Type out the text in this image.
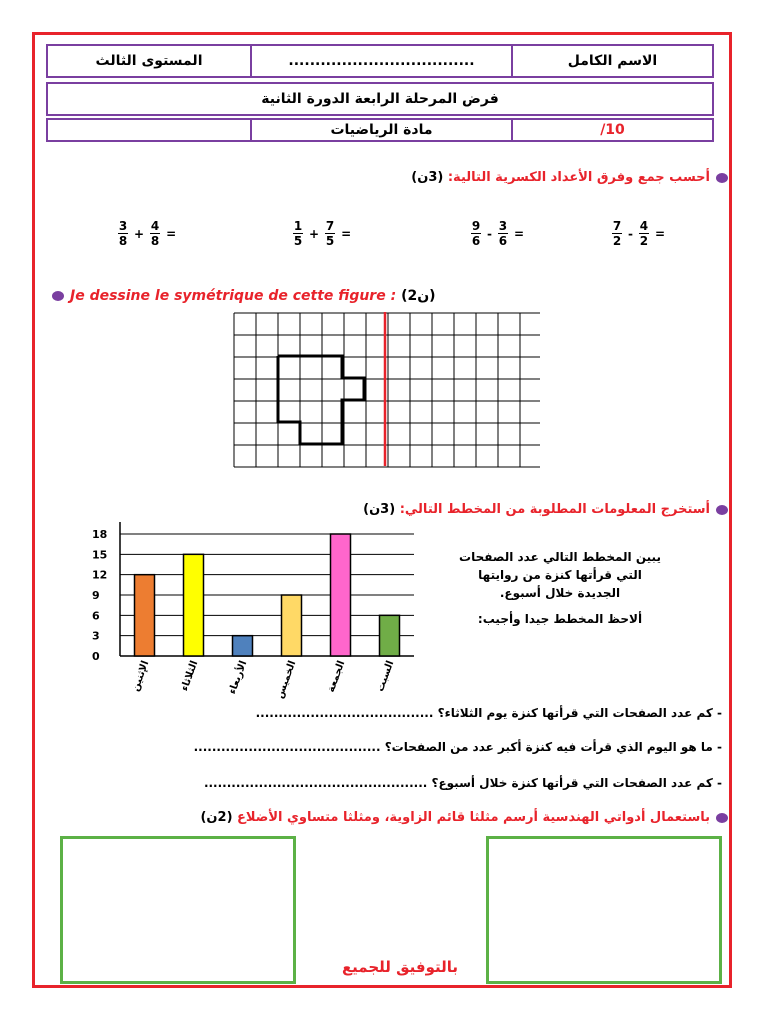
المستوى الثالث	...................................	الاسم الكامل
فرض المرحلة الرابعة الدورة الثانية
مادة الرياضيات	/10
أحسب جمع وفرق الأعداد الكسرية التالية: (3ن)
3
8
+
4
8
=
1
5
+
7
5
=
9
6
-
3
6
=
7
2
-
4
2
=
Je dessine le symétrique de cette figure : (2ن)
أستخرج المعلومات المطلوبة من المخطط التالي: (3ن)
0
3
6
9
12
15
18
الإثنين	الثلاثاء	الأربعاء	الخميس	الجمعة	السبت
يبين المخطط التالي عدد الصفحات
التي قرأتها كنزة من روايتها
الجديدة خلال أسبوع.
ألاحظ المخطط جيدا وأجيب:
- كم عدد الصفحات التي قرأتها كنزة يوم الثلاثاء؟ .......................................
- ما هو اليوم الذي قرأت فيه كنزة أكبر عدد من الصفحات؟ .........................................
- كم عدد الصفحات التي قرأتها كنزة خلال أسبوع؟ .................................................
باستعمال أدواتي الهندسية أرسم مثلثا قائم الزاوية، ومثلثا متساوي الأضلاع (2ن)
بالتوفيق للجميع
